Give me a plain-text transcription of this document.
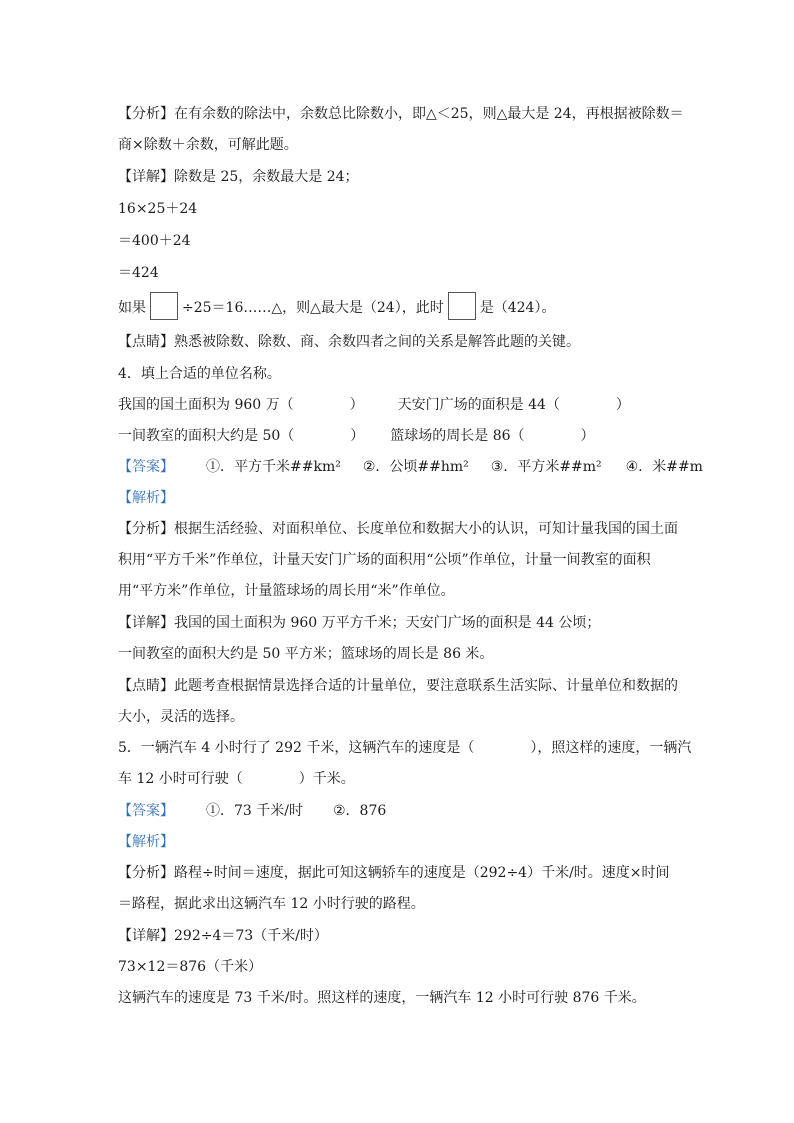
【分析】在有余数的除法中，余数总比除数小，即△＜25，则△最大是 24，再根据被除数＝
商×除数＋余数，可解此题。
【详解】除数是 25，余数最大是 24；
16×25＋24
＝400＋24
＝424
如果	÷25＝16……△，则△最大是（24），此时	是（424）。
【点睛】熟悉被除数、除数、商、余数四者之间的关系是解答此题的关键。
4．填上合适的单位名称。
我国的国土面积为 960 万（　　　　） 天安门广场的面积是 44（　　　　）
一间教室的面积大约是 50（　　　　） 篮球场的周长是 86（　　　　）
【答案】 ①．平方千米##km² ②．公顷##hm² ③．平方米##m² ④．米##m
【解析】
【分析】根据生活经验、对面积单位、长度单位和数据大小的认识，可知计量我国的国土面
积用“平方千米”作单位，计量天安门广场的面积用“公顷”作单位，计量一间教室的面积
用“平方米”作单位，计量篮球场的周长用“米”作单位。
【详解】我国的国土面积为 960 万平方千米；天安门广场的面积是 44 公顷；
一间教室的面积大约是 50 平方米；篮球场的周长是 86 米。
【点睛】此题考查根据情景选择合适的计量单位，要注意联系生活实际、计量单位和数据的
大小，灵活的选择。
5．一辆汽车 4 小时行了 292 千米，这辆汽车的速度是（　　　　），照这样的速度，一辆汽
车 12 小时可行驶（　　　　）千米。
【答案】 ①．73 千米/时 ②．876
【解析】
【分析】路程÷时间＝速度，据此可知这辆轿车的速度是（292÷4）千米/时。速度×时间
＝路程，据此求出这辆汽车 12 小时行驶的路程。
【详解】292÷4＝73（千米/时）
73×12＝876（千米）
这辆汽车的速度是 73 千米/时。照这样的速度，一辆汽车 12 小时可行驶 876 千米。
